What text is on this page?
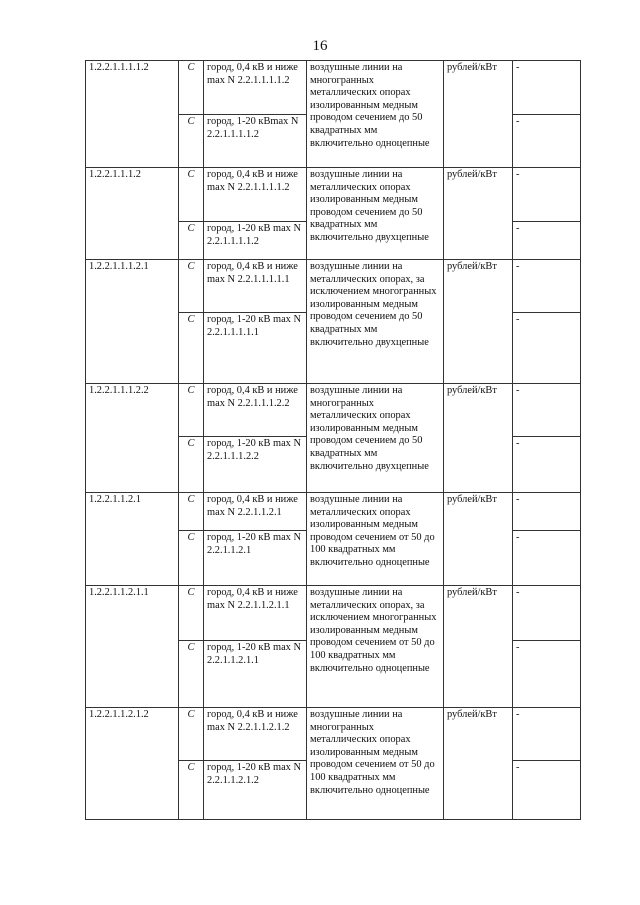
16
1.2.2.1.1.1.1.2	C	город, 0,4 кВ и ниже max N 2.2.1.1.1.1.2	воздушные линии на многогранных металлических опорах изолированным медным проводом сечением до 50 квадратных мм включительно одноцепные	рублей/кВт	-
	C	город, 1-20 кВmax N 2.2.1.1.1.1.2			-
1.2.2.1.1.1.2	C	город, 0,4 кВ и ниже max N 2.2.1.1.1.1.2	воздушные линии на металлических опорах изолированным медным проводом сечением до 50 квадратных мм включительно двухцепные	рублей/кВт	-
	C	город, 1-20 кВ max N 2.2.1.1.1.1.2			-
1.2.2.1.1.1.2.1	C	город, 0,4 кВ и ниже max N 2.2.1.1.1.1.1	воздушные линии на металлических опорах, за исключением многогранных изолированным медным проводом сечением до 50 квадратных мм включительно двухцепные	рублей/кВт	-
	C	город, 1-20 кВ max N 2.2.1.1.1.1.1			-
1.2.2.1.1.1.2.2	C	город, 0,4 кВ и ниже max N 2.2.1.1.1.2.2	воздушные линии на многогранных металлических опорах изолированным медным проводом сечением до 50 квадратных мм включительно двухцепные	рублей/кВт	-
	C	город, 1-20 кВ max N 2.2.1.1.1.2.2			-
1.2.2.1.1.2.1	C	город, 0,4 кВ и ниже max N 2.2.1.1.2.1	воздушные линии на металлических опорах изолированным медным проводом сечением от 50 до 100 квадратных мм включительно одноцепные	рублей/кВт	-
	C	город, 1-20 кВ max N 2.2.1.1.2.1			-
1.2.2.1.1.2.1.1	C	город, 0,4 кВ и ниже max N 2.2.1.1.2.1.1	воздушные линии на металлических опорах, за исключением многогранных изолированным медным проводом сечением от 50 до 100 квадратных мм включительно одноцепные	рублей/кВт	-
	C	город, 1-20 кВ max N 2.2.1.1.2.1.1			-
1.2.2.1.1.2.1.2	C	город, 0,4 кВ и ниже max N 2.2.1.1.2.1.2	воздушные линии на многогранных металлических опорах изолированным медным проводом сечением от 50 до 100 квадратных мм включительно одноцепные	рублей/кВт	-
	C	город, 1-20 кВ max N 2.2.1.1.2.1.2			-
